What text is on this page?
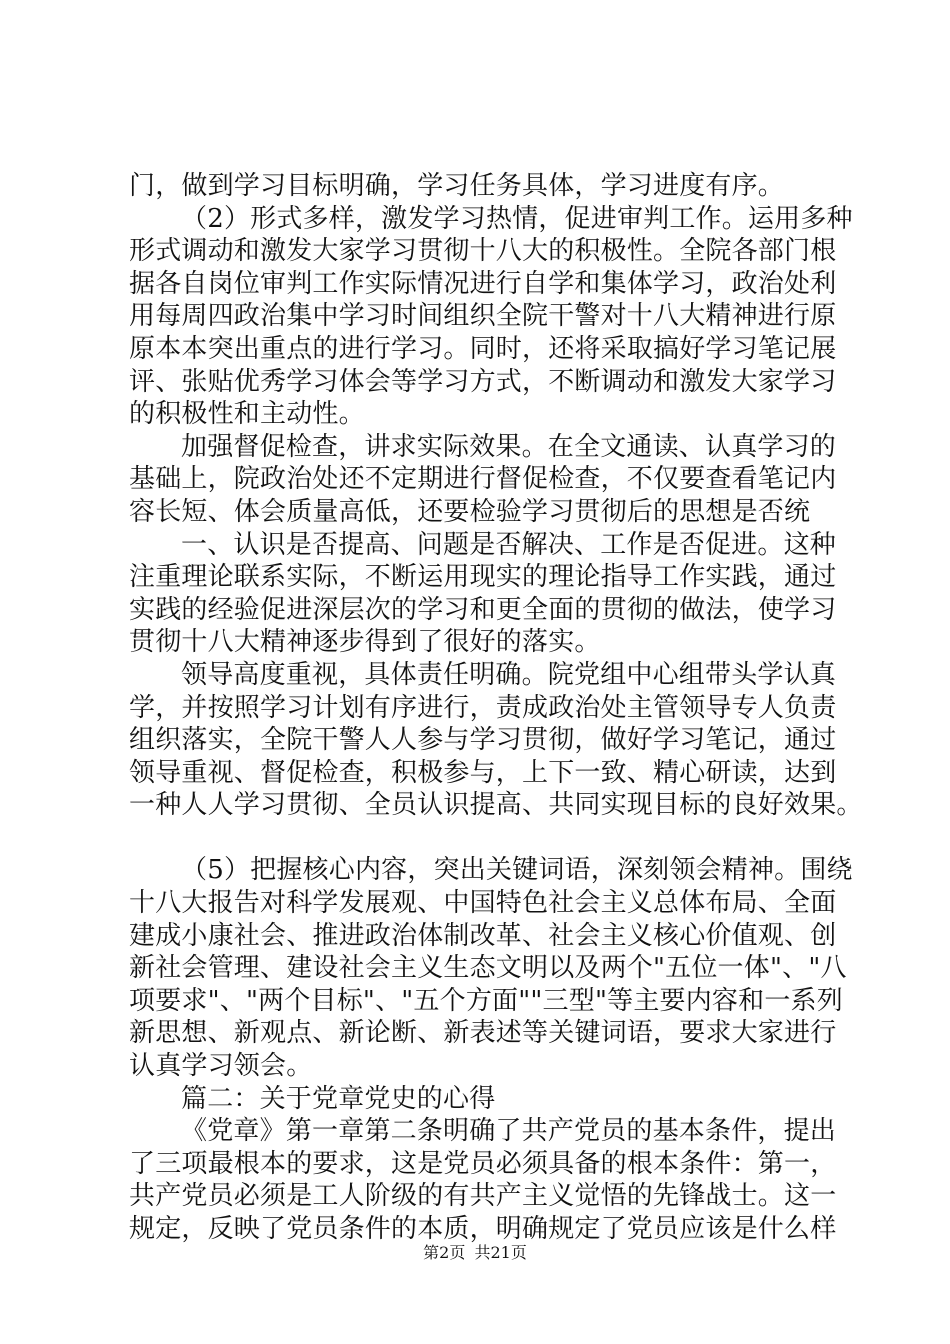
门，做到学习目标明确，学习任务具体，学习进度有序。
（2）形式多样，激发学习热情，促进审判工作。运用多种
形式调动和激发大家学习贯彻十八大的积极性。全院各部门根
据各自岗位审判工作实际情况进行自学和集体学习，政治处利
用每周四政治集中学习时间组织全院干警对十八大精神进行原
原本本突出重点的进行学习。同时，还将采取搞好学习笔记展
评、张贴优秀学习体会等学习方式，不断调动和激发大家学习
的积极性和主动性。
加强督促检查，讲求实际效果。在全文通读、认真学习的
基础上，院政治处还不定期进行督促检查，不仅要查看笔记内
容长短、体会质量高低，还要检验学习贯彻后的思想是否统
一、认识是否提高、问题是否解决、工作是否促进。这种
注重理论联系实际，不断运用现实的理论指导工作实践，通过
实践的经验促进深层次的学习和更全面的贯彻的做法，使学习
贯彻十八大精神逐步得到了很好的落实。
领导高度重视，具体责任明确。院党组中心组带头学认真
学，并按照学习计划有序进行，责成政治处主管领导专人负责
组织落实，全院干警人人参与学习贯彻，做好学习笔记，通过
领导重视、督促检查，积极参与，上下一致、精心研读，达到
一种人人学习贯彻、全员认识提高、共同实现目标的良好效果。
（5）把握核心内容，突出关键词语，深刻领会精神。围绕
十八大报告对科学发展观、中国特色社会主义总体布局、全面
建成小康社会、推进政治体制改革、社会主义核心价值观、创
新社会管理、建设社会主义生态文明以及两个"五位一体"、"八
项要求"、"两个目标"、"五个方面""三型"等主要内容和一系列
新思想、新观点、新论断、新表述等关键词语，要求大家进行
认真学习领会。
篇二：关于党章党史的心得
《党章》第一章第二条明确了共产党员的基本条件，提出
了三项最根本的要求，这是党员必须具备的根本条件：第一，
共产党员必须是工人阶级的有共产主义觉悟的先锋战士。这一
规定，反映了党员条件的本质，明确规定了党员应该是什么样
第2页 共21页
